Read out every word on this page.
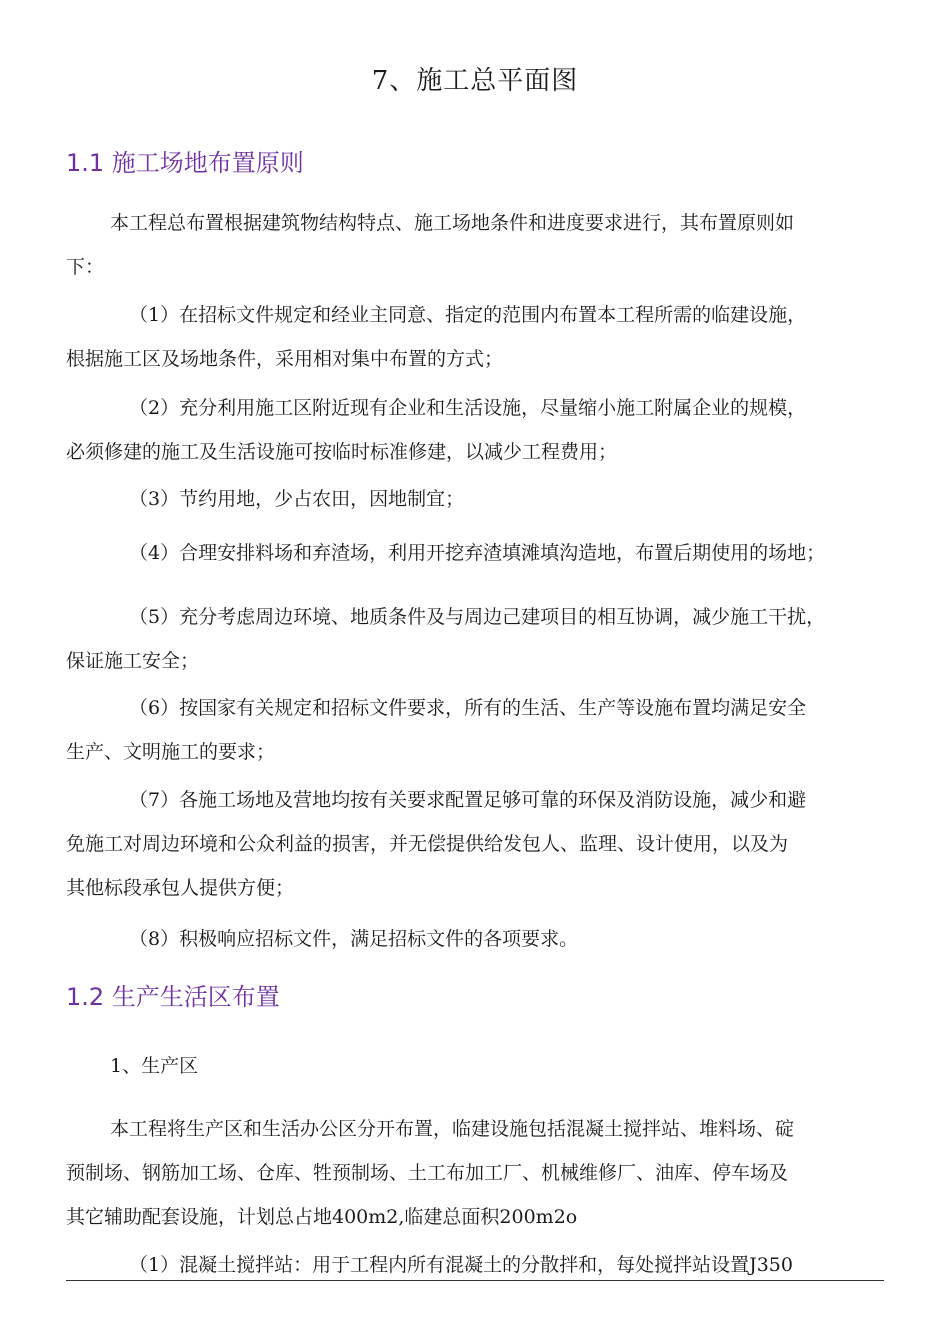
7、施工总平面图
1.1 施工场地布置原则
本工程总布置根据建筑物结构特点、施工场地条件和进度要求进行，其布置原则如
下：
（1）在招标文件规定和经业主同意、指定的范围内布置本工程所需的临建设施，
根据施工区及场地条件，采用相对集中布置的方式；
（2）充分利用施工区附近现有企业和生活设施，尽量缩小施工附属企业的规模，
必须修建的施工及生活设施可按临时标准修建，以减少工程费用；
（3）节约用地，少占农田，因地制宜；
（4）合理安排料场和弃渣场，利用开挖弃渣填滩填沟造地，布置后期使用的场地；
（5）充分考虑周边环境、地质条件及与周边己建项目的相互协调，减少施工干扰，
保证施工安全；
（6）按国家有关规定和招标文件要求，所有的生活、生产等设施布置均满足安全
生产、文明施工的要求；
（7）各施工场地及营地均按有关要求配置足够可靠的环保及消防设施，减少和避
免施工对周边环境和公众利益的损害，并无偿提供给发包人、监理、设计使用，以及为
其他标段承包人提供方便；
（8）积极响应招标文件，满足招标文件的各项要求。
1.2 生产生活区布置
1、生产区
本工程将生产区和生活办公区分开布置，临建设施包括混凝土搅拌站、堆料场、碇
预制场、钢筋加工场、仓库、牲预制场、土工布加工厂、机械维修厂、油库、停车场及
其它辅助配套设施，计划总占地400m2,临建总面积200m2o
（1）混凝土搅拌站：用于工程内所有混凝土的分散拌和，每处搅拌站设置J350
